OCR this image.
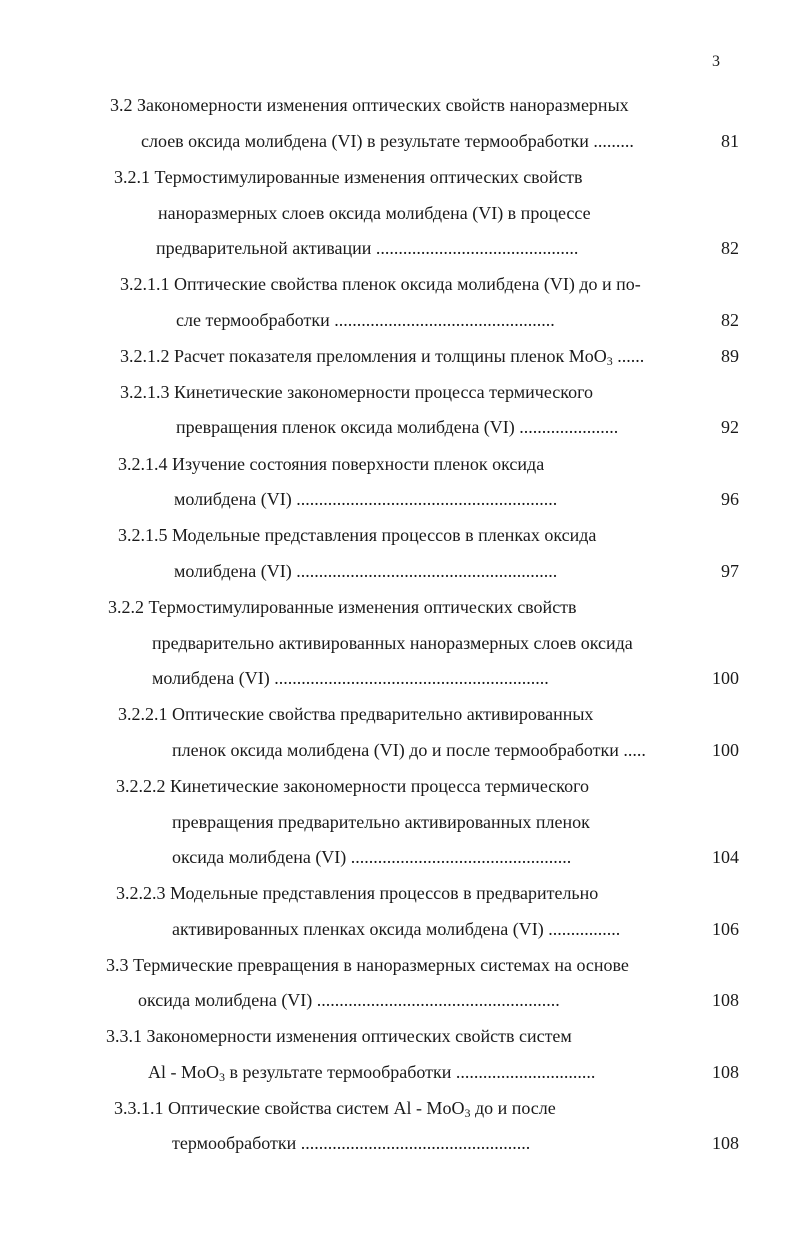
3
3.2 Закономерности изменения оптических свойств наноразмерных
слоев оксида молибдена (VI) в результате термообработки .........	81
3.2.1 Термостимулированные изменения оптических свойств
наноразмерных слоев оксида молибдена (VI) в процессе
предварительной активации .............................................	82
3.2.1.1 Оптические свойства пленок оксида молибдена (VI) до и по-
сле термообработки .................................................	82
3.2.1.2 Расчет показателя преломления и толщины пленок MoO$_3$ ......	89
3.2.1.3 Кинетические закономерности процесса термического
превращения пленок оксида молибдена (VI) ......................	92
3.2.1.4 Изучение состояния поверхности пленок оксида
молибдена (VI) ..........................................................	96
3.2.1.5 Модельные представления процессов в пленках оксида
молибдена (VI) ..........................................................	97
3.2.2 Термостимулированные изменения оптических свойств
предварительно активированных наноразмерных слоев оксида
молибдена (VI) .............................................................	100
3.2.2.1 Оптические свойства предварительно активированных
пленок оксида молибдена (VI) до и после термообработки .....	100
3.2.2.2 Кинетические закономерности процесса термического
превращения предварительно активированных пленок
оксида молибдена (VI) .................................................	104
3.2.2.3 Модельные представления процессов в предварительно
активированных пленках оксида молибдена (VI) ................	106
3.3 Термические превращения в наноразмерных системах на основе
оксида молибдена (VI) ......................................................	108
3.3.1 Закономерности изменения оптических свойств систем
Al - MoO$_3$ в результате термообработки ...............................	108
3.3.1.1 Оптические свойства систем Al - MoO$_3$ до и после
термообработки ...................................................	108
